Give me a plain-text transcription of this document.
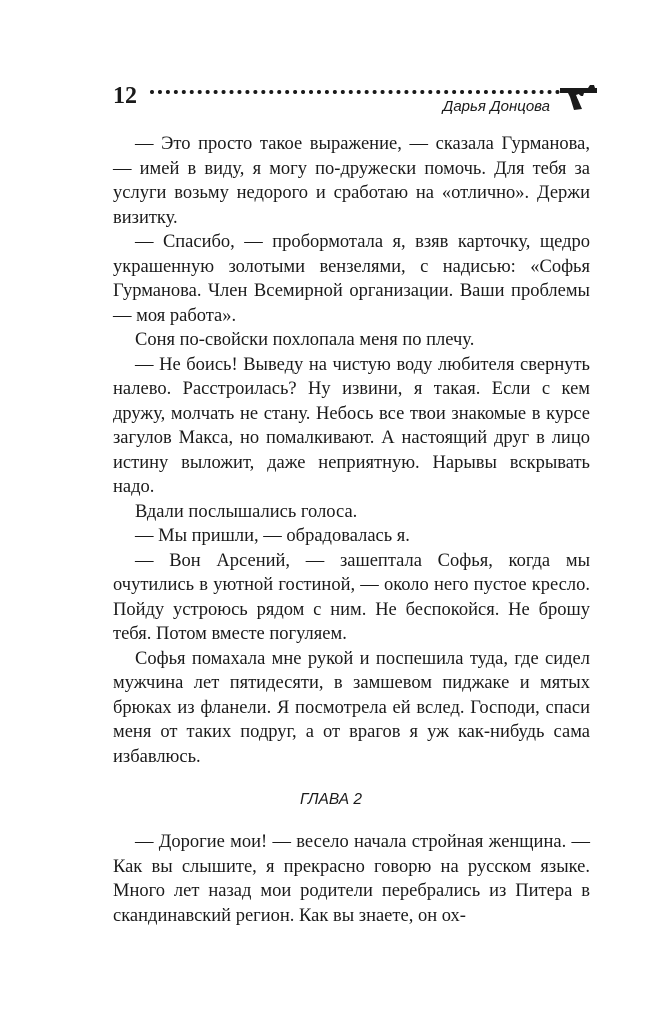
12	Дарья Донцова

— Это просто такое выражение, — сказала Гурманова, — имей в виду, я могу по-дружески помочь. Для тебя за услуги возьму недорого и сработаю на «отлично». Держи визитку.

— Спасибо, — пробормотала я, взяв карточку, щедро украшенную золотыми вензелями, с надисью: «Софья Гурманова. Член Всемирной организации. Ваши проблемы — моя работа».

Соня по-свойски похлопала меня по плечу.

— Не боись! Выведу на чистую воду любителя свернуть налево. Расстроилась? Ну извини, я такая. Если с кем дружу, молчать не стану. Небось все твои знакомые в курсе загулов Макса, но помалкивают. А настоящий друг в лицо истину выложит, даже неприятную. Нарывы вскрывать надо.

Вдали послышались голоса.

— Мы пришли, — обрадовалась я.

— Вон Арсений, — зашептала Софья, когда мы очутились в уютной гостиной, — около него пустое кресло. Пойду устроюсь рядом с ним. Не беспокойся. Не брошу тебя. Потом вместе погуляем.

Софья помахала мне рукой и поспешила туда, где сидел мужчина лет пятидесяти, в замшевом пиджаке и мятых брюках из фланели. Я посмотрела ей вслед. Господи, спаси меня от таких подруг, а от врагов я уж как-нибудь сама избавлюсь.

ГЛАВА 2

— Дорогие мои! — весело начала стройная женщина. — Как вы слышите, я прекрасно говорю на русском языке. Много лет назад мои родители перебрались из Питера в скандинавский регион. Как вы знаете, он ох-
